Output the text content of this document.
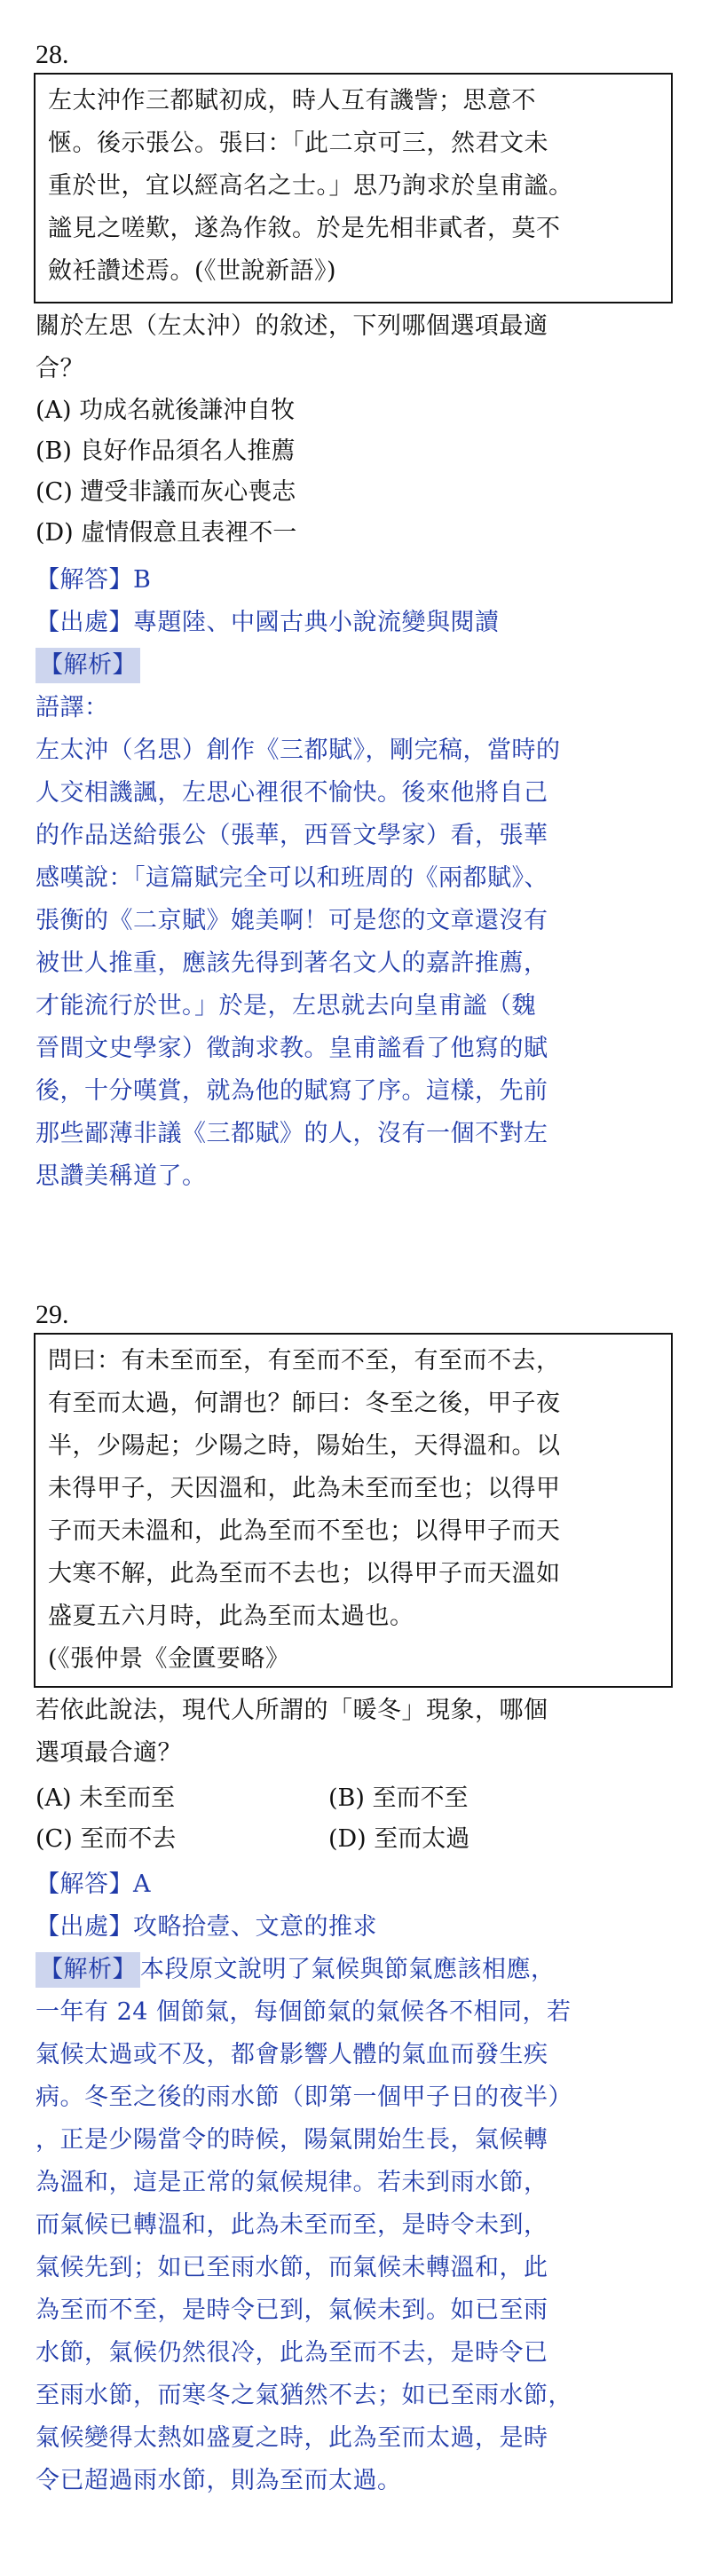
28.
左太沖作三都賦初成，時人互有譏訾；思意不
愜。後示張公。張曰：「此二京可三，然君文未
重於世，宜以經高名之士。」思乃詢求於皇甫謐。
謐見之嗟歎，遂為作敘。於是先相非貳者，莫不
斂衽讚述焉。(《世說新語》)
關於左思（左太沖）的敘述，下列哪個選項最適
合？
(A) 功成名就後謙沖自牧
(B) 良好作品須名人推薦
(C) 遭受非議而灰心喪志
(D) 虛情假意且表裡不一
【解答】B
【出處】專題陸、中國古典小說流變與閱讀
【解析】
語譯：
左太沖（名思）創作《三都賦》，剛完稿，當時的
人交相譏諷，左思心裡很不愉快。後來他將自己
的作品送給張公（張華，西晉文學家）看，張華
感嘆說：「這篇賦完全可以和班周的《兩都賦》、
張衡的《二京賦》媲美啊！可是您的文章還沒有
被世人推重，應該先得到著名文人的嘉許推薦，
才能流行於世。」於是，左思就去向皇甫謐（魏
晉間文史學家）徵詢求教。皇甫謐看了他寫的賦
後，十分嘆賞，就為他的賦寫了序。這樣，先前
那些鄙薄非議《三都賦》的人，沒有一個不對左
思讚美稱道了。
29.
問曰：有未至而至，有至而不至，有至而不去，
有至而太過，何謂也？師曰：冬至之後，甲子夜
半，少陽起；少陽之時，陽始生，天得溫和。以
未得甲子，天因溫和，此為未至而至也；以得甲
子而天未溫和，此為至而不至也；以得甲子而天
大寒不解，此為至而不去也；以得甲子而天溫如
盛夏五六月時，此為至而太過也。
(《張仲景《金匱要略》
若依此說法，現代人所謂的「暖冬」現象，哪個
選項最合適？
(A) 未至而至	(B) 至而不至
(C) 至而不去	(D) 至而太過
【解答】A
【出處】攻略拾壹、文意的推求
【解析】 本段原文說明了氣候與節氣應該相應，
一年有 24 個節氣，每個節氣的氣候各不相同，若
氣候太過或不及，都會影響人體的氣血而發生疾
病。冬至之後的雨水節（即第一個甲子日的夜半）
，正是少陽當令的時候，陽氣開始生長，氣候轉
為溫和，這是正常的氣候規律。若未到雨水節，
而氣候已轉溫和，此為未至而至，是時令未到，
氣候先到；如已至雨水節，而氣候未轉溫和，此
為至而不至，是時令已到，氣候未到。如已至雨
水節，氣候仍然很冷，此為至而不去，是時令已
至雨水節，而寒冬之氣猶然不去；如已至雨水節，
氣候變得太熱如盛夏之時，此為至而太過，是時
令已超過雨水節，則為至而太過。
